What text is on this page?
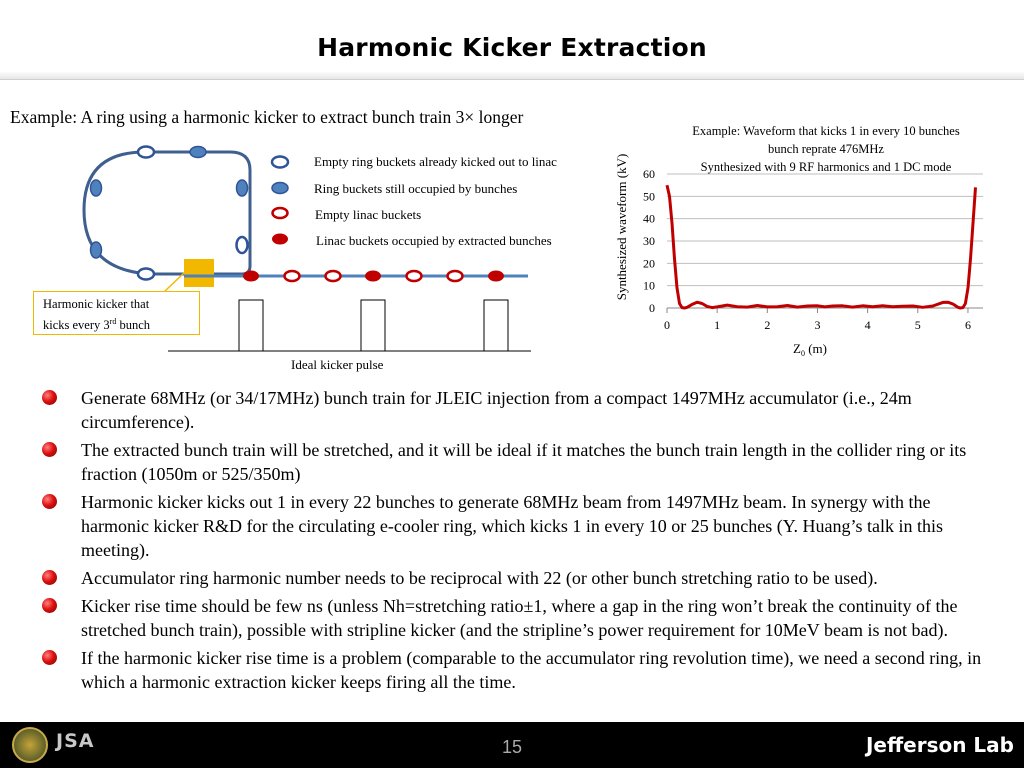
Harmonic Kicker Extraction
Example: A ring using a harmonic kicker to extract bunch train 3× longer
Empty ring buckets already kicked out to linac
Ring buckets still occupied by bunches
Empty linac buckets
Linac buckets occupied by extracted bunches
Harmonic kicker that
kicks every 3rd bunch
Ideal kicker pulse
Example: Waveform that kicks 1 in every 10 bunches
bunch reprate 476MHz
Synthesized with 9 RF harmonics and 1 DC mode
0
10
20
30
40
50
60
0	1	2	3	4	5	6
Synthesized waveform (kV)
$Z_0$ (m)
Generate 68MHz (or 34/17MHz) bunch train for JLEIC injection from a compact 1497MHz accumulator (i.e., 24m circumference).
The extracted bunch train will be stretched, and it will be ideal if it matches the bunch train length in the collider ring or its fraction (1050m or 525/350m)
Harmonic kicker kicks out 1 in every 22 bunches to generate 68MHz beam from 1497MHz beam. In synergy with the harmonic kicker R&D for the circulating e-cooler ring, which kicks 1 in every 10 or 25 bunches (Y. Huang’s talk in this meeting).
Accumulator ring harmonic number needs to be reciprocal with 22 (or other bunch stretching ratio to be used).
Kicker rise time should be few ns (unless Nh=stretching ratio±1, where a gap in the ring won’t break the continuity of the stretched bunch train), possible with stripline kicker (and the stripline’s power requirement for 10MeV beam is not bad).
If the harmonic kicker rise time is a problem (comparable to the accumulator ring revolution time), we need a second ring, in which a harmonic extraction kicker keeps firing all the time.
JSA	15	Jefferson Lab
